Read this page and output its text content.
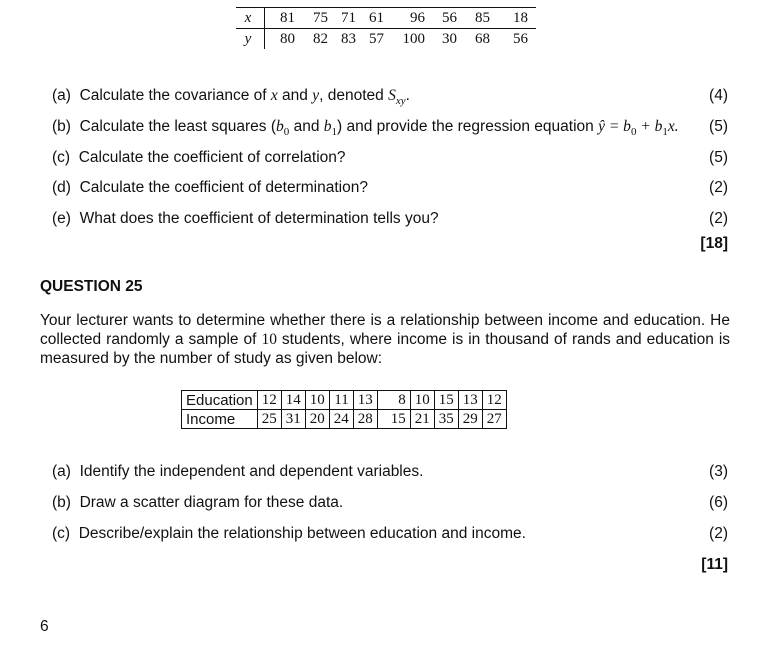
x	81	75	71	61	96	56	85	18
y	80	82	83	57	100	30	68	56
(a) Calculate the covariance of x and y, denoted $S_{xy}$.	(4)
(b) Calculate the least squares ($b_0$ and $b_1$) and provide the regression equation ŷ = $b_0 + b_1x$. (5)
(c) Calculate the coefficient of correlation?	(5)
(d) Calculate the coefficient of determination?	(2)
(e) What does the coefficient of determination tells you?	(2)
[18]
QUESTION 25
Your lecturer wants to determine whether there is a relationship between income and education. He collected randomly a sample of 10 students, where income is in thousand of rands and education is measured by the number of study as given below:
Education	12	14	10	11	13	8	10	15	13	12
Income	25	31	20	24	28	15	21	35	29	27
(a) Identify the independent and dependent variables.	(3)
(b) Draw a scatter diagram for these data.	(6)
(c) Describe/explain the relationship between education and income.	(2)
[11]
6
